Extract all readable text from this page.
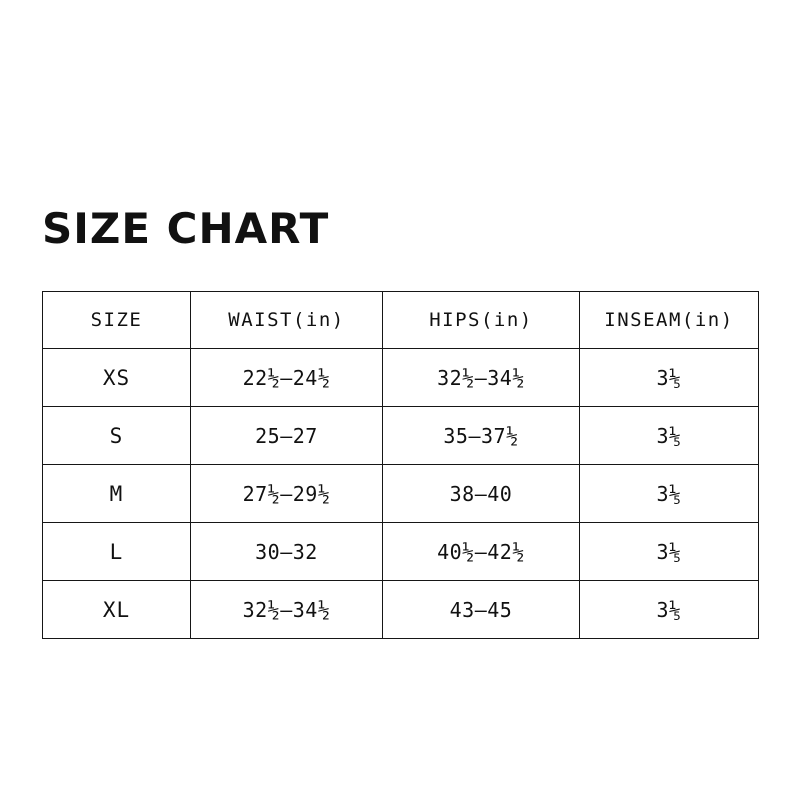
SIZE CHART
SIZE	WAIST(in)	HIPS(in)	INSEAM(in)
XS	22½–24½	32½–34½	3⅕
S	25–27	35–37½	3⅕
M	27½–29½	38–40	3⅕
L	30–32	40½–42½	3⅕
XL	32½–34½	43–45	3⅕
